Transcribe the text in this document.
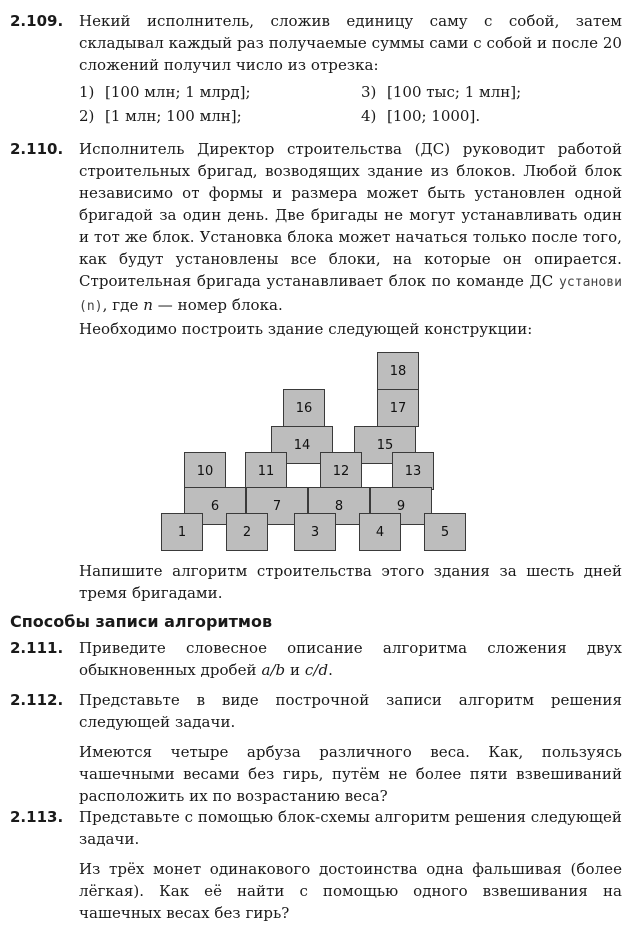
2.109. Некий исполнитель, сложив единицу саму с собой, затем складывал каждый раз получаемые суммы сами с собой и после 20 сложений получил число из отрезка:
1) [100 млн; 1 млрд];	3) [100 тыс; 1 млн];
2) [1 млн; 100 млн];	4) [100; 1000].
2.110. Исполнитель Директор строительства (ДС) руководит работой строительных бригад, возводящих здание из блоков. Любой блок независимо от формы и размера может быть установлен одной бригадой за один день. Две бригады не могут устанавливать один и тот же блок. Установка блока может начаться только после того, как будут установлены все блоки, на которые он опирается. Строительная бригада устанавливает блок по команде ДС установи (n), где n — номер блока.
Необходимо построить здание следующей конструкции:
18
16	17
14	15
10	11	12	13
6	7	8	9
1	2	3	4	5
Напишите алгоритм строительства этого здания за шесть дней тремя бригадами.
Способы записи алгоритмов
2.111. Приведите словесное описание алгоритма сложения двух обыкновенных дробей a/b и c/d.
2.112. Представьте в виде построчной записи алгоритм решения следующей задачи.
Имеются четыре арбуза различного веса. Как, пользуясь чашечными весами без гирь, путём не более пяти взвешиваний расположить их по возрастанию веса?
2.113. Представьте с помощью блок-схемы алгоритм решения следующей задачи.
Из трёх монет одинакового достоинства одна фальшивая (более лёгкая). Как её найти с помощью одного взвешивания на чашечных весах без гирь?
